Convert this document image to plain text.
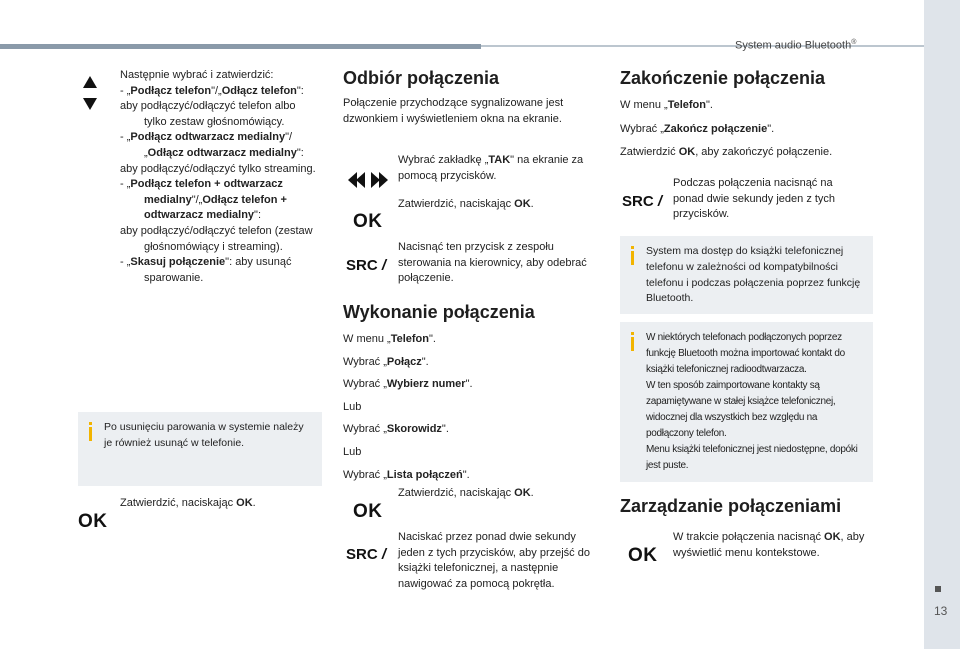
System audio Bluetooth®
13

Następnie wybrać i zatwierdzić:

- „Podłącz telefon"/„Odłącz telefon":

aby podłączyć/odłączyć telefon albo tylko zestaw głośnomówiący.

- „Podłącz odtwarzacz medialny"/„Odłącz odtwarzacz medialny":

aby podłączyć/odłączyć tylko streaming.

- „Podłącz telefon + odtwarzacz medialny"/„Odłącz telefon + odtwarzacz medialny":

aby podłączyć/odłączyć telefon (zestaw głośnomówiący i streaming).

- „Skasuj połączenie": aby usunąć sparowanie.

Po usunięciu parowania w systemie należy je również usunąć w telefonie.
OK
Zatwierdzić, naciskając OK.
Odbiór połączenia

Połączenie przychodzące sygnalizowane jest dzwonkiem i wyświetleniem okna na ekranie.

Wybrać zakładkę „TAK" na ekranie za pomocą przycisków.

OK

Zatwierdzić, naciskając OK.

SRC /

Nacisnąć ten przycisk z zespołu sterowania na kierownicy, aby odebrać połączenie.

Wykonanie połączenia

W menu „Telefon".

Wybrać „Połącz".

Wybrać „Wybierz numer".

Lub

Wybrać „Skorowidz".

Lub

Wybrać „Lista połączeń".

OK

Zatwierdzić, naciskając OK.

SRC /

Naciskać przez ponad dwie sekundy jeden z tych przycisków, aby przejść do książki telefonicznej, a następnie nawigować za pomocą pokrętła.

Zakończenie połączenia

W menu „Telefon".

Wybrać „Zakończ połączenie".

Zatwierdzić OK, aby zakończyć połączenie.

SRC /

Podczas połączenia nacisnąć na ponad dwie sekundy jeden z tych przycisków.

System ma dostęp do książki telefonicznej telefonu w zależności od kompatybilności telefonu i podczas połączenia poprzez funkcję Bluetooth.

W niektórych telefonach podłączonych poprzez funkcję Bluetooth można importować kontakt do książki telefonicznej radioodtwarzacza.

W ten sposób zaimportowane kontakty są zapamiętywane w stałej książce telefonicznej, widocznej dla wszystkich bez względu na podłączony telefon.

Menu książki telefonicznej jest niedostępne, dopóki jest puste.

Zarządzanie połączeniami
OK

W trakcie połączenia nacisnąć OK, aby wyświetlić menu kontekstowe.
